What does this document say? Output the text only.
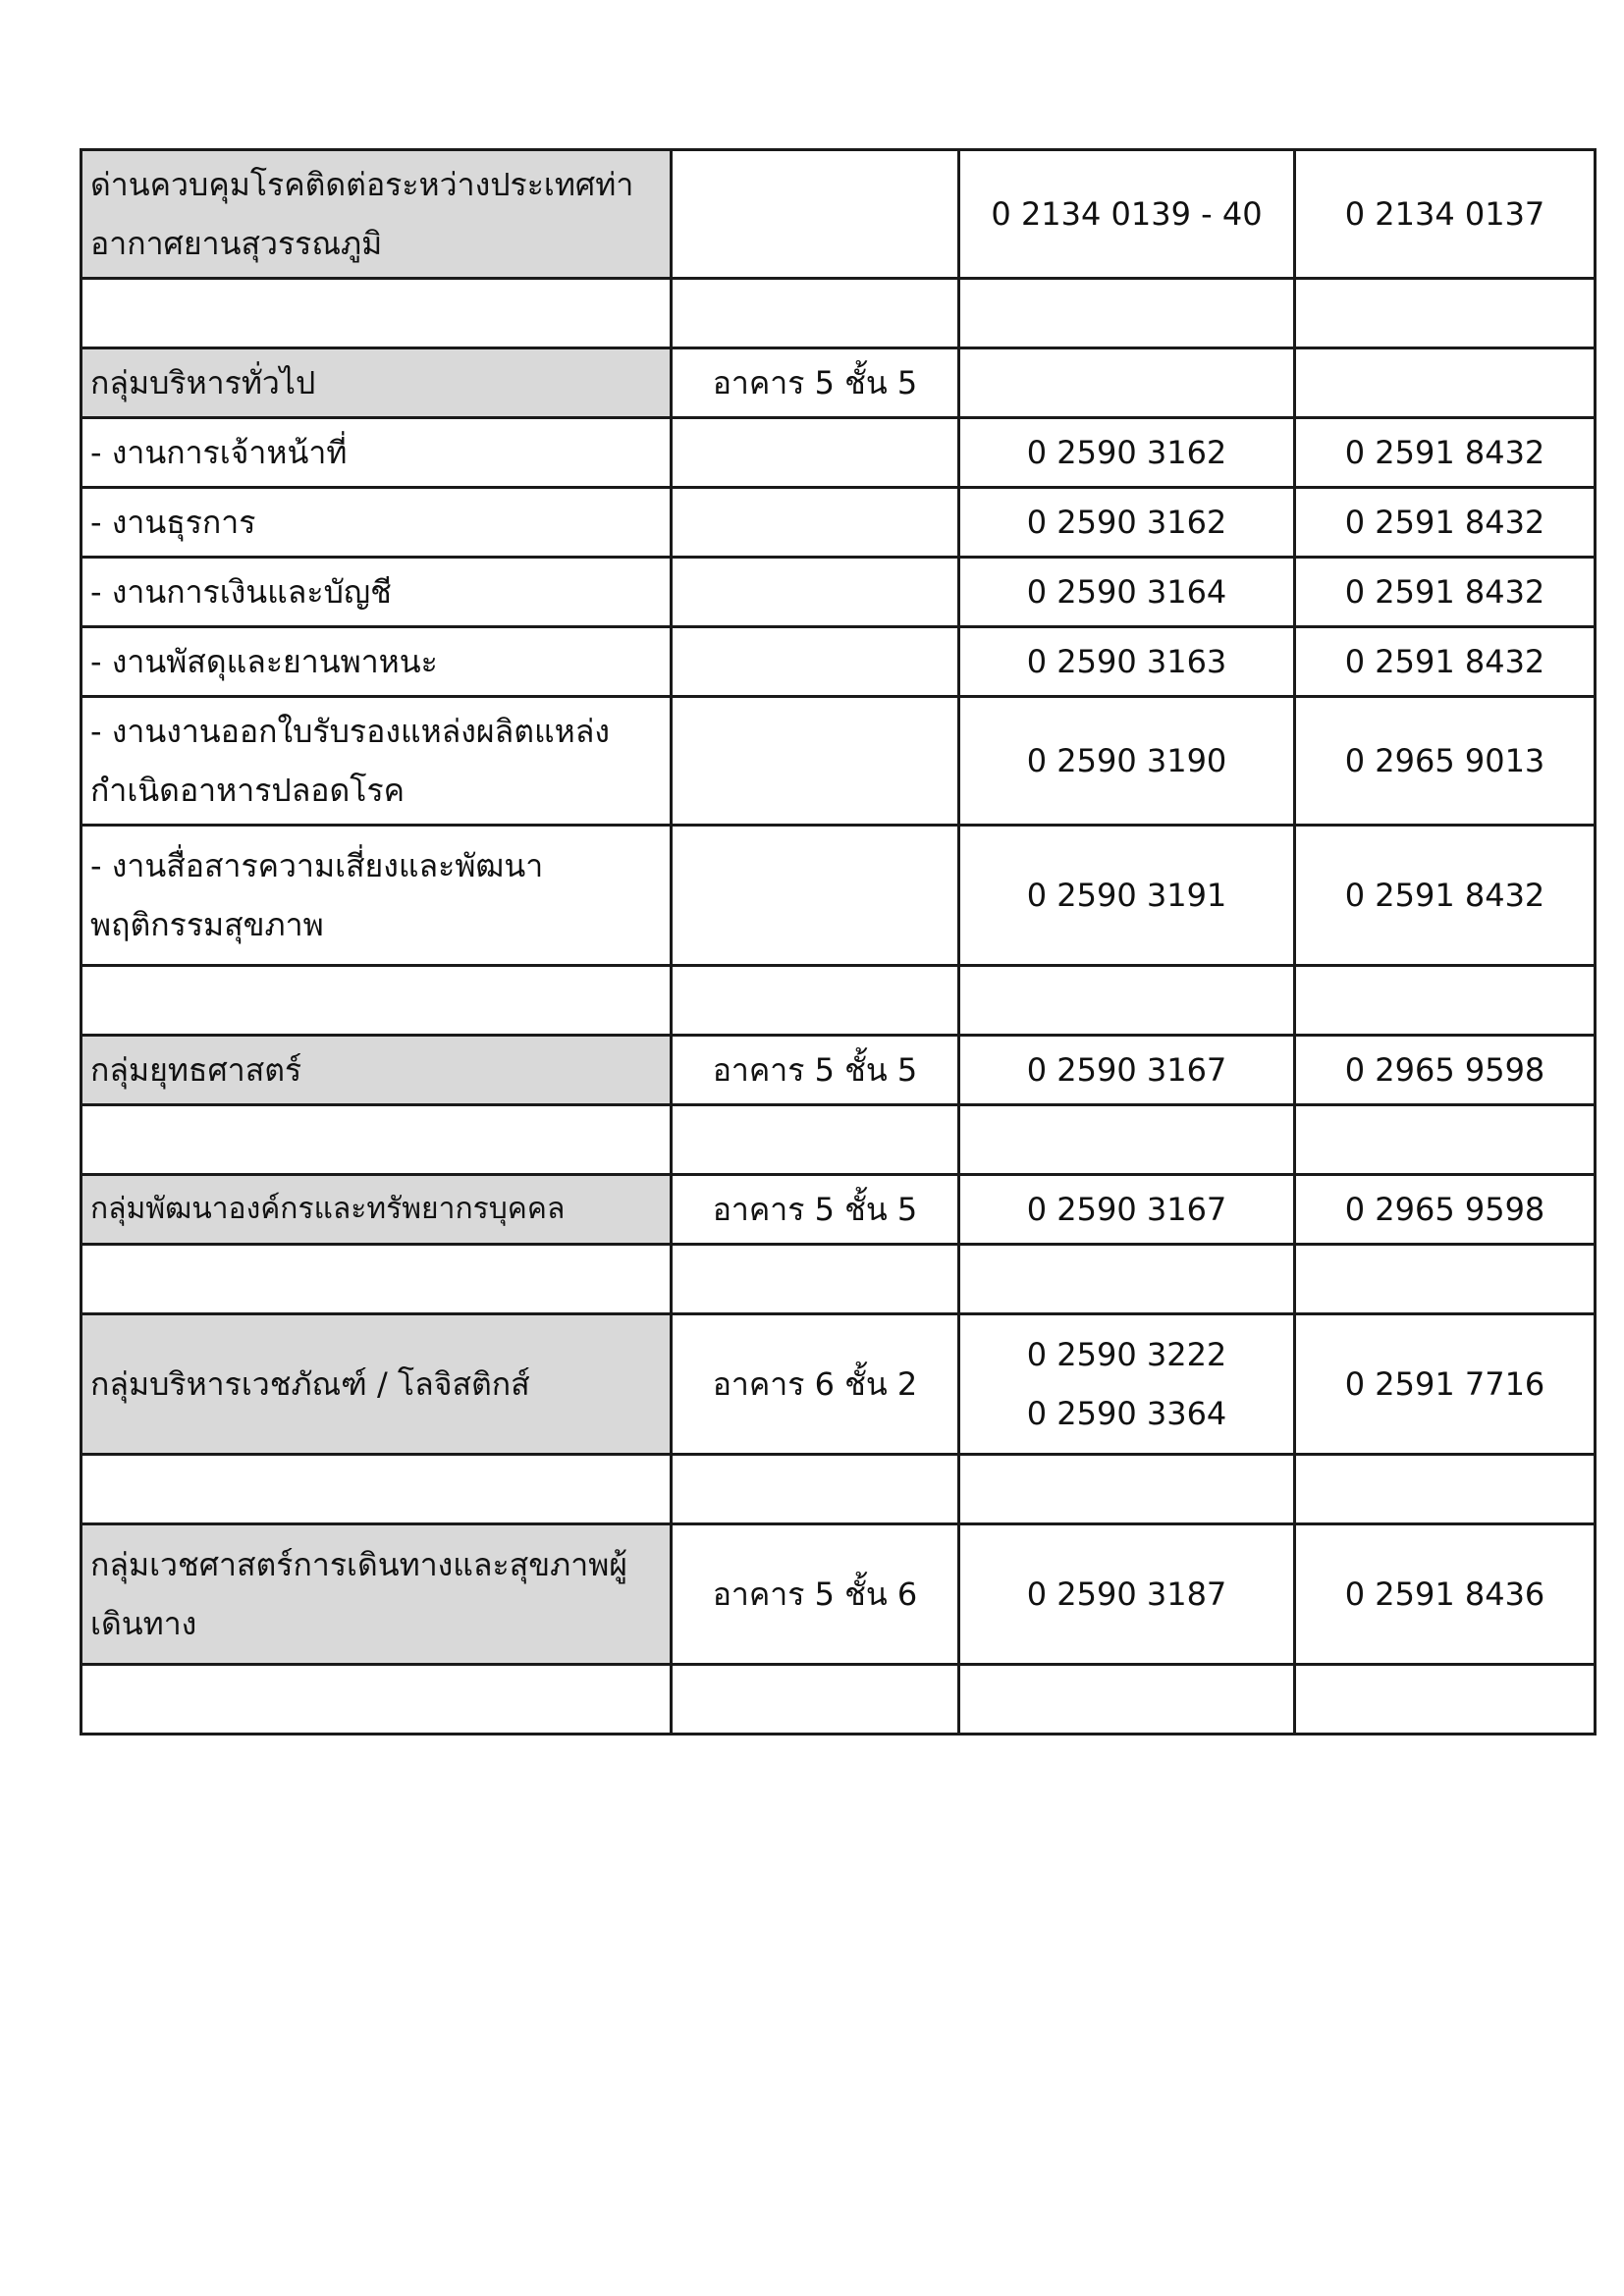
ด่านควบคุมโรคติดต่อระหว่างประเทศท่าอากาศยานสุวรรณภูมิ		0 2134 0139 - 40	0 2134 0137

กลุ่มบริหารทั่วไป	อาคาร 5 ชั้น 5		
- งานการเจ้าหน้าที่		0 2590 3162	0 2591 8432

- งานธุรการ		0 2590 3162	0 2591 8432

- งานการเงินและบัญชี		0 2590 3164	0 2591 8432

- งานพัสดุและยานพาหนะ		0 2590 3163	0 2591 8432

- งานงานออกใบรับรองแหล่งผลิตแหล่งกำเนิดอาหารปลอดโรค		0 2590 3190	0 2965 9013

- งานสื่อสารความเสี่ยงและพัฒนาพฤติกรรมสุขภาพ		0 2590 3191	0 2591 8432

กลุ่มยุทธศาสตร์	อาคาร 5 ชั้น 5	0 2590 3167	0 2965 9598

กลุ่มพัฒนาองค์กรและทรัพยากรบุคคล	อาคาร 5 ชั้น 5	0 2590 3167	0 2965 9598

กลุ่มบริหารเวชภัณฑ์ / โลจิสติกส์	อาคาร 6 ชั้น 2	0 2590 3222
0 2590 3364	0 2591 7716

กลุ่มเวชศาสตร์การเดินทางและสุขภาพผู้เดินทาง	อาคาร 5 ชั้น 6	0 2590 3187	0 2591 8436
